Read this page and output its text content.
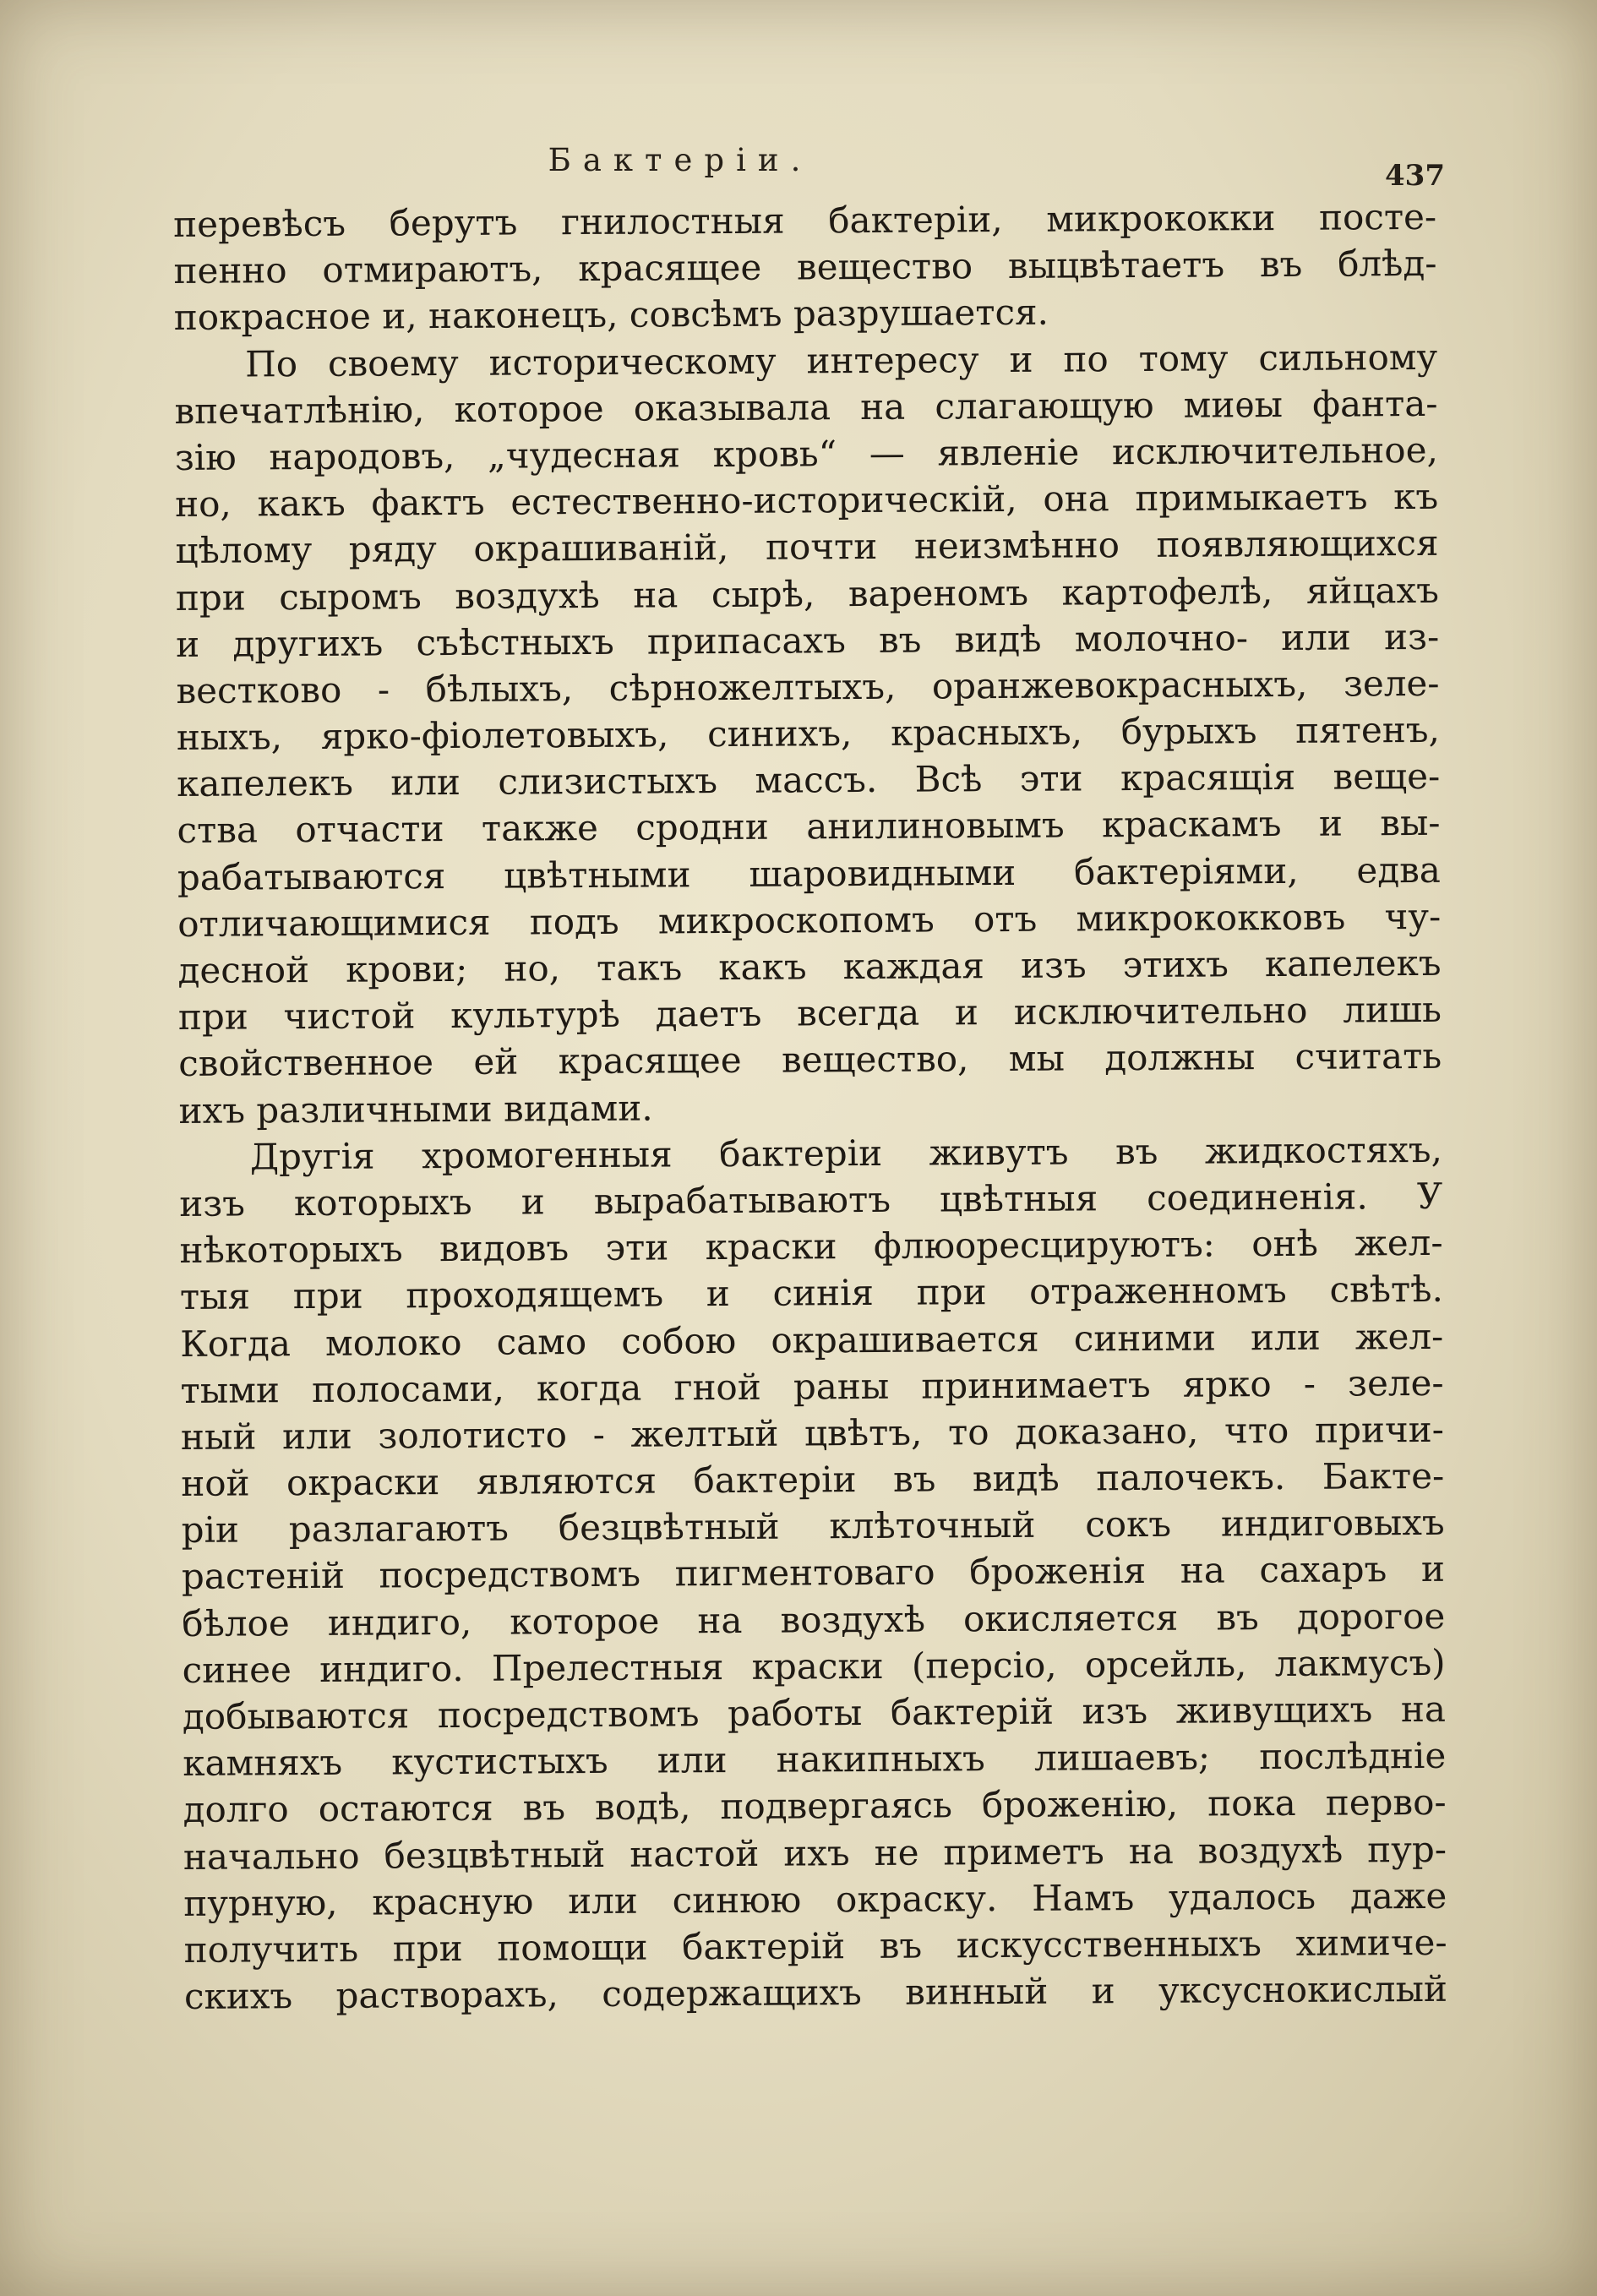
Бактеріи.	437

перевѣсъ берутъ гнилостныя бактеріи, микрококки посте-

пенно отмираютъ, красящее вещество выцвѣтаетъ въ блѣд-

покрасное и, наконецъ, совсѣмъ разрушается.

По своему историческому интересу и по тому сильному

впечатлѣнію, которое оказывала на слагающую миѳы фанта-

зію народовъ, „чудесная кровь“ — явленіе исключительное,

но, какъ фактъ естественно-историческій, она примыкаетъ къ

цѣлому ряду окрашиваній, почти неизмѣнно появляющихся

при сыромъ воздухѣ на сырѣ, вареномъ картофелѣ, яйцахъ

и другихъ съѣстныхъ припасахъ въ видѣ молочно- или из-

вестково - бѣлыхъ, сѣрножелтыхъ, оранжевокрасныхъ, зеле-

ныхъ, ярко-фіолетовыхъ, синихъ, красныхъ, бурыхъ пятенъ,

капелекъ или слизистыхъ массъ. Всѣ эти красящія веще-

ства отчасти также сродни анилиновымъ краскамъ и вы-

рабатываются цвѣтными шаровидными бактеріями, едва

отличающимися подъ микроскопомъ отъ микрококковъ чу-

десной крови; но, такъ какъ каждая изъ этихъ капелекъ

при чистой культурѣ даетъ всегда и исключительно лишь

свойственное ей красящее вещество, мы должны считать

ихъ различными видами.

Другія хромогенныя бактеріи живутъ въ жидкостяхъ,

изъ которыхъ и вырабатываютъ цвѣтныя соединенія. У

нѣкоторыхъ видовъ эти краски флюоресцируютъ: онѣ жел-

тыя при проходящемъ и синія при отраженномъ свѣтѣ.

Когда молоко само собою окрашивается синими или жел-

тыми полосами, когда гной раны принимаетъ ярко - зеле-

ный или золотисто - желтый цвѣтъ, то доказано, что причи-

ной окраски являются бактеріи въ видѣ палочекъ. Бакте-

ріи разлагаютъ безцвѣтный клѣточный сокъ индиговыхъ

растеній посредствомъ пигментоваго броженія на сахаръ и

бѣлое индиго, которое на воздухѣ окисляется въ дорогое

синее индиго. Прелестныя краски (персіо, орсейль, лакмусъ)

добываются посредствомъ работы бактерій изъ живущихъ на

камняхъ кустистыхъ или накипныхъ лишаевъ; послѣдніе

долго остаются въ водѣ, подвергаясь броженію, пока перво-

начально безцвѣтный настой ихъ не приметъ на воздухѣ пур-

пурную, красную или синюю окраску. Намъ удалось даже

получить при помощи бактерій въ искусственныхъ химиче-

скихъ растворахъ, содержащихъ винный и уксуснокислый
